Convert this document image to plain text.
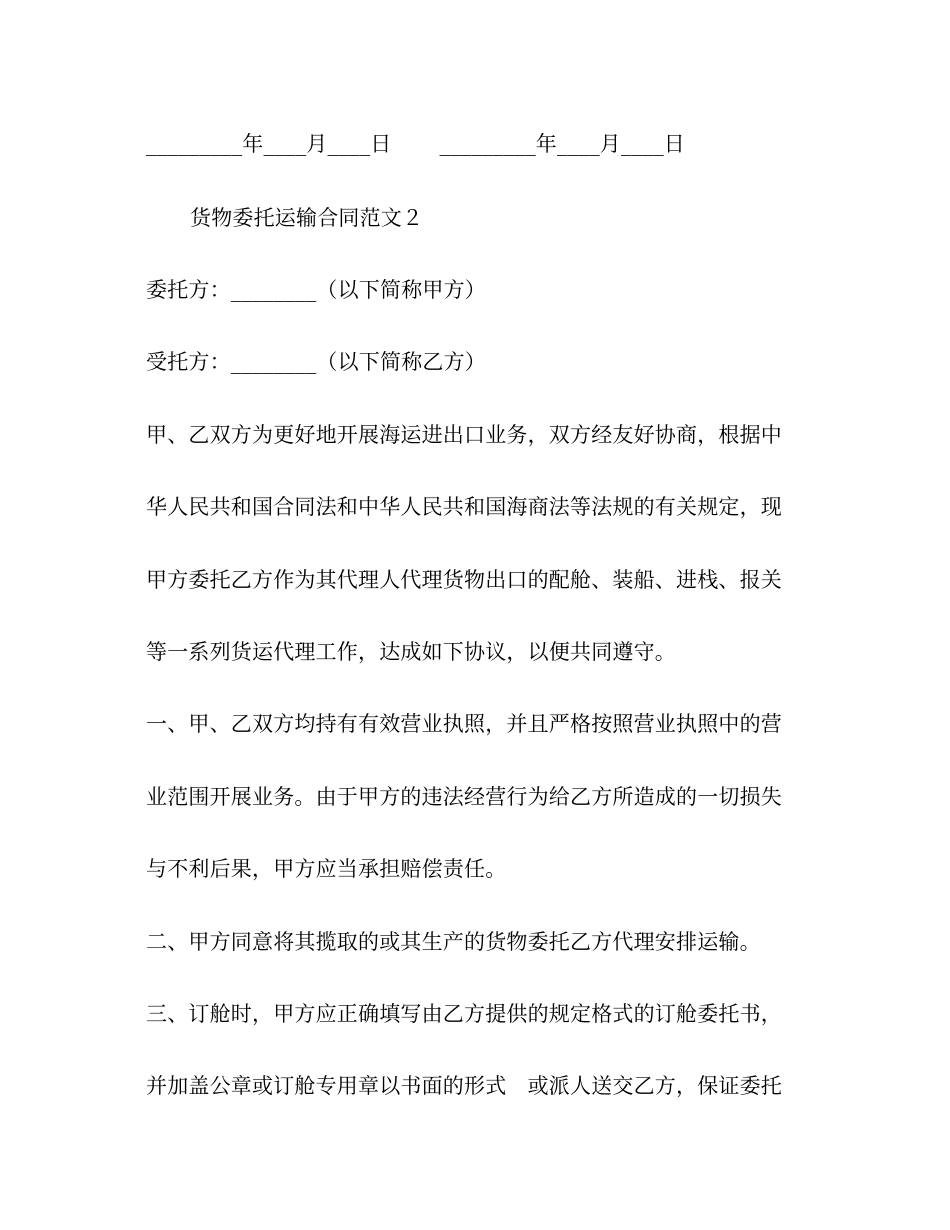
_________年____月____日 _________年____月____日
货物委托运输合同范文２
委托方：________（以下简称甲方）
受托方：________（以下简称乙方）
甲、乙双方为更好地开展海运进出口业务，双方经友好协商，根据中
华人民共和国合同法和中华人民共和国海商法等法规的有关规定，现
甲方委托乙方作为其代理人代理货物出口的配舱、装船、进栈、报关
等一系列货运代理工作，达成如下协议，以便共同遵守。
一、甲、乙双方均持有有效营业执照，并且严格按照营业执照中的营
业范围开展业务。由于甲方的违法经营行为给乙方所造成的一切损失
与不利后果，甲方应当承担赔偿责任。
二、甲方同意将其揽取的或其生产的货物委托乙方代理安排运输。
三、订舱时，甲方应正确填写由乙方提供的规定格式的订舱委托书，
并加盖公章或订舱专用章以书面的形式　或派人送交乙方，保证委托
